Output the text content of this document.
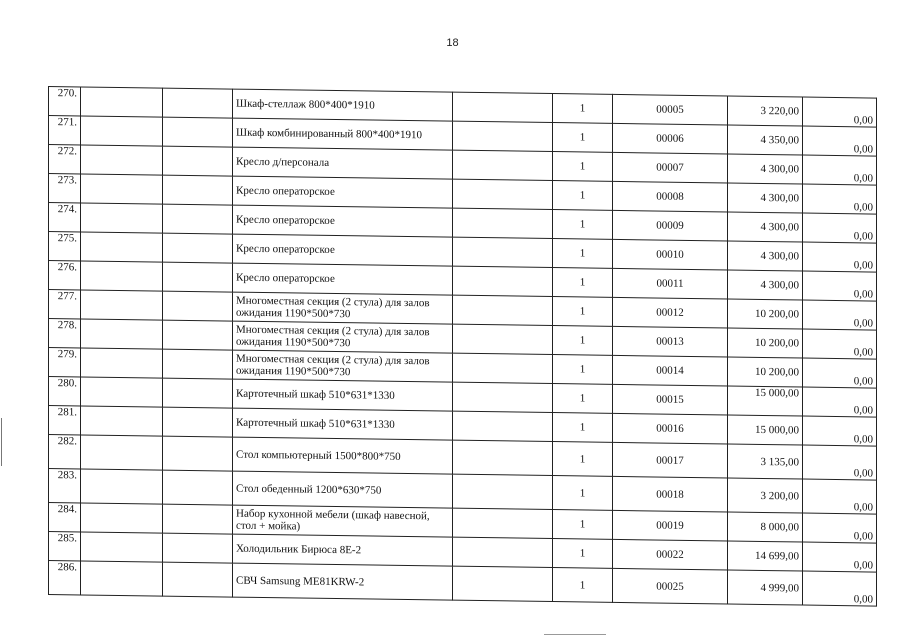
18
270.			Шкаф-стеллаж 800*400*1910		1	00005	3 220,00	0,00
271.			Шкаф комбинированный 800*400*1910		1	00006	4 350,00	0,00
272.			Кресло д/персонала		1	00007	4 300,00	0,00
273.			Кресло операторское		1	00008	4 300,00	0,00
274.			Кресло операторское		1	00009	4 300,00	0,00
275.			Кресло операторское		1	00010	4 300,00	0,00
276.			Кресло операторское		1	00011	4 300,00	0,00
277.			Многоместная секция (2 стула) для залов ожидания 1190*500*730		1	00012	10 200,00	0,00
278.			Многоместная секция (2 стула) для залов ожидания 1190*500*730		1	00013	10 200,00	0,00
279.			Многоместная секция (2 стула) для залов ожидания 1190*500*730		1	00014	10 200,00	0,00
280.			Картотечный шкаф 510*631*1330		1	00015	15 000,00	0,00
281.			Картотечный шкаф 510*631*1330		1	00016	15 000,00	0,00
282.			Стол компьютерный 1500*800*750		1	00017	3 135,00	0,00
283.			Стол обеденный 1200*630*750		1	00018	3 200,00	0,00
284.			Набор кухонной мебели (шкаф навесной, стол + мойка)		1	00019	8 000,00	0,00
285.			Холодильник Бирюса 8Е-2		1	00022	14 699,00	0,00
286.			СВЧ Samsung ME81KRW-2		1	00025	4 999,00	0,00
